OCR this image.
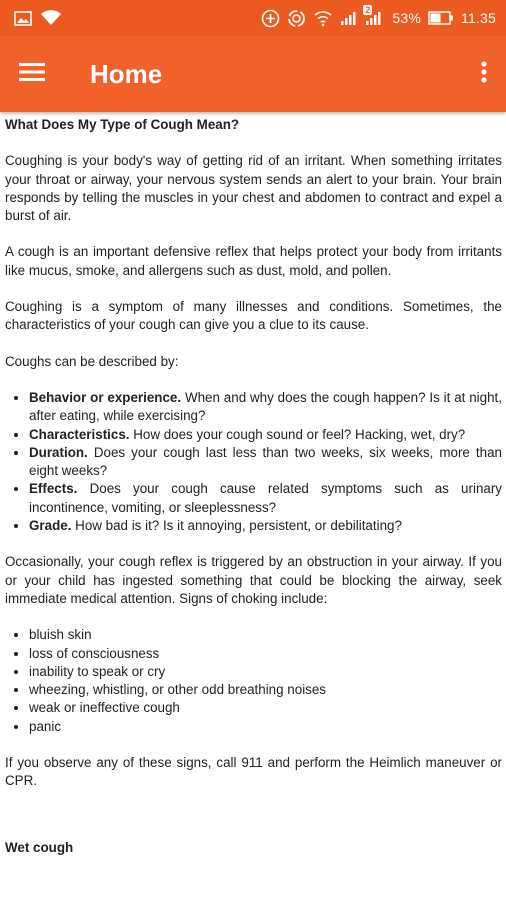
2 53%	11.35
Home
What Does My Type of Cough Mean?

Coughing is your body's way of getting rid of an irritant. When something irritates your throat or airway, your nervous system sends an alert to your brain. Your brain responds by telling the muscles in your chest and abdomen to contract and expel a burst of air.

A cough is an important defensive reflex that helps protect your body from irritants like mucus, smoke, and allergens such as dust, mold, and pollen.

Coughing is a symptom of many illnesses and conditions. Sometimes, the characteristics of your cough can give you a clue to its cause.

Coughs can be described by:

• Behavior or experience. When and why does the cough happen? Is it at night, after eating, while exercising?
• Characteristics. How does your cough sound or feel? Hacking, wet, dry?
• Duration. Does your cough last less than two weeks, six weeks, more than eight weeks?
• Effects. Does your cough cause related symptoms such as urinary incontinence, vomiting, or sleeplessness?
• Grade. How bad is it? Is it annoying, persistent, or debilitating?

Occasionally, your cough reflex is triggered by an obstruction in your airway. If you or your child has ingested something that could be blocking the airway, seek immediate medical attention. Signs of choking include:

• bluish skin
• loss of consciousness
• inability to speak or cry
• wheezing, whistling, or other odd breathing noises
• weak or ineffective cough
• panic

If you observe any of these signs, call 911 and perform the Heimlich maneuver or CPR.

Wet cough
